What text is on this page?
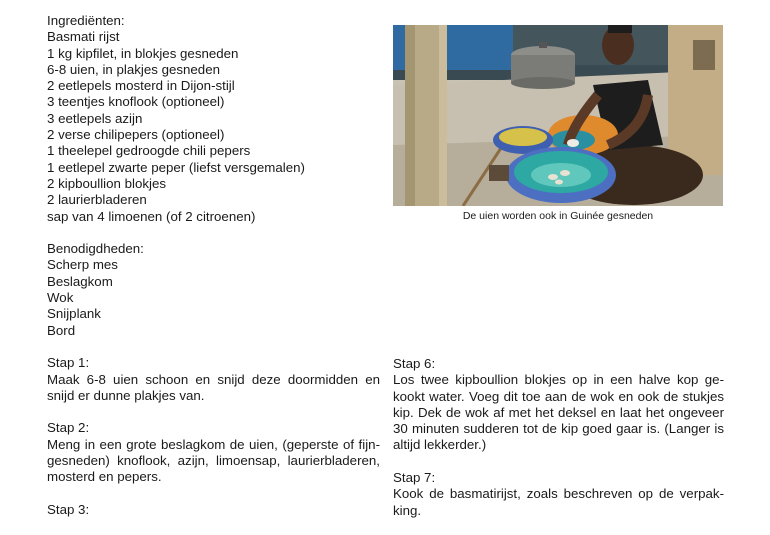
Ingrediënten:
Basmati rijst
1 kg kipfilet, in blokjes gesneden
6-8 uien, in plakjes gesneden
2 eetlepels mosterd in Dijon-stijl
3 teentjes knoflook (optioneel)
3 eetlepels azijn
2 verse chilipepers (optioneel)
1 theelepel gedroogde chili pepers
1 eetlepel zwarte peper (liefst versgemalen)
2 kipboullion blokjes
2 laurierbladeren
sap van 4 limoenen (of 2 citroenen)
Benodigdheden:
Scherp mes
Beslagkom
Wok
Snijplank
Bord
Stap 1:
Maak 6-8 uien schoon en snijd deze doormidden en snijd er dunne plakjes van.
Stap 2:
Meng in een grote beslagkom de uien, (geperste of fijngesneden) knoflook, azijn, limoensap, laurierbladeren, mosterd en pepers.
Stap 3:
De uien worden ook in Guinée gesneden
Stap 6:
Los twee kipboullion blokjes op in een halve kop gekookt water. Voeg dit toe aan de wok en ook de stukjes kip. Dek de wok af met het deksel en laat het ongeveer 30 minuten sudderen tot de kip goed gaar is. (Langer is altijd lekkerder.)
Stap 7:
Kook de basmatirijst, zoals beschreven op de verpakking.
